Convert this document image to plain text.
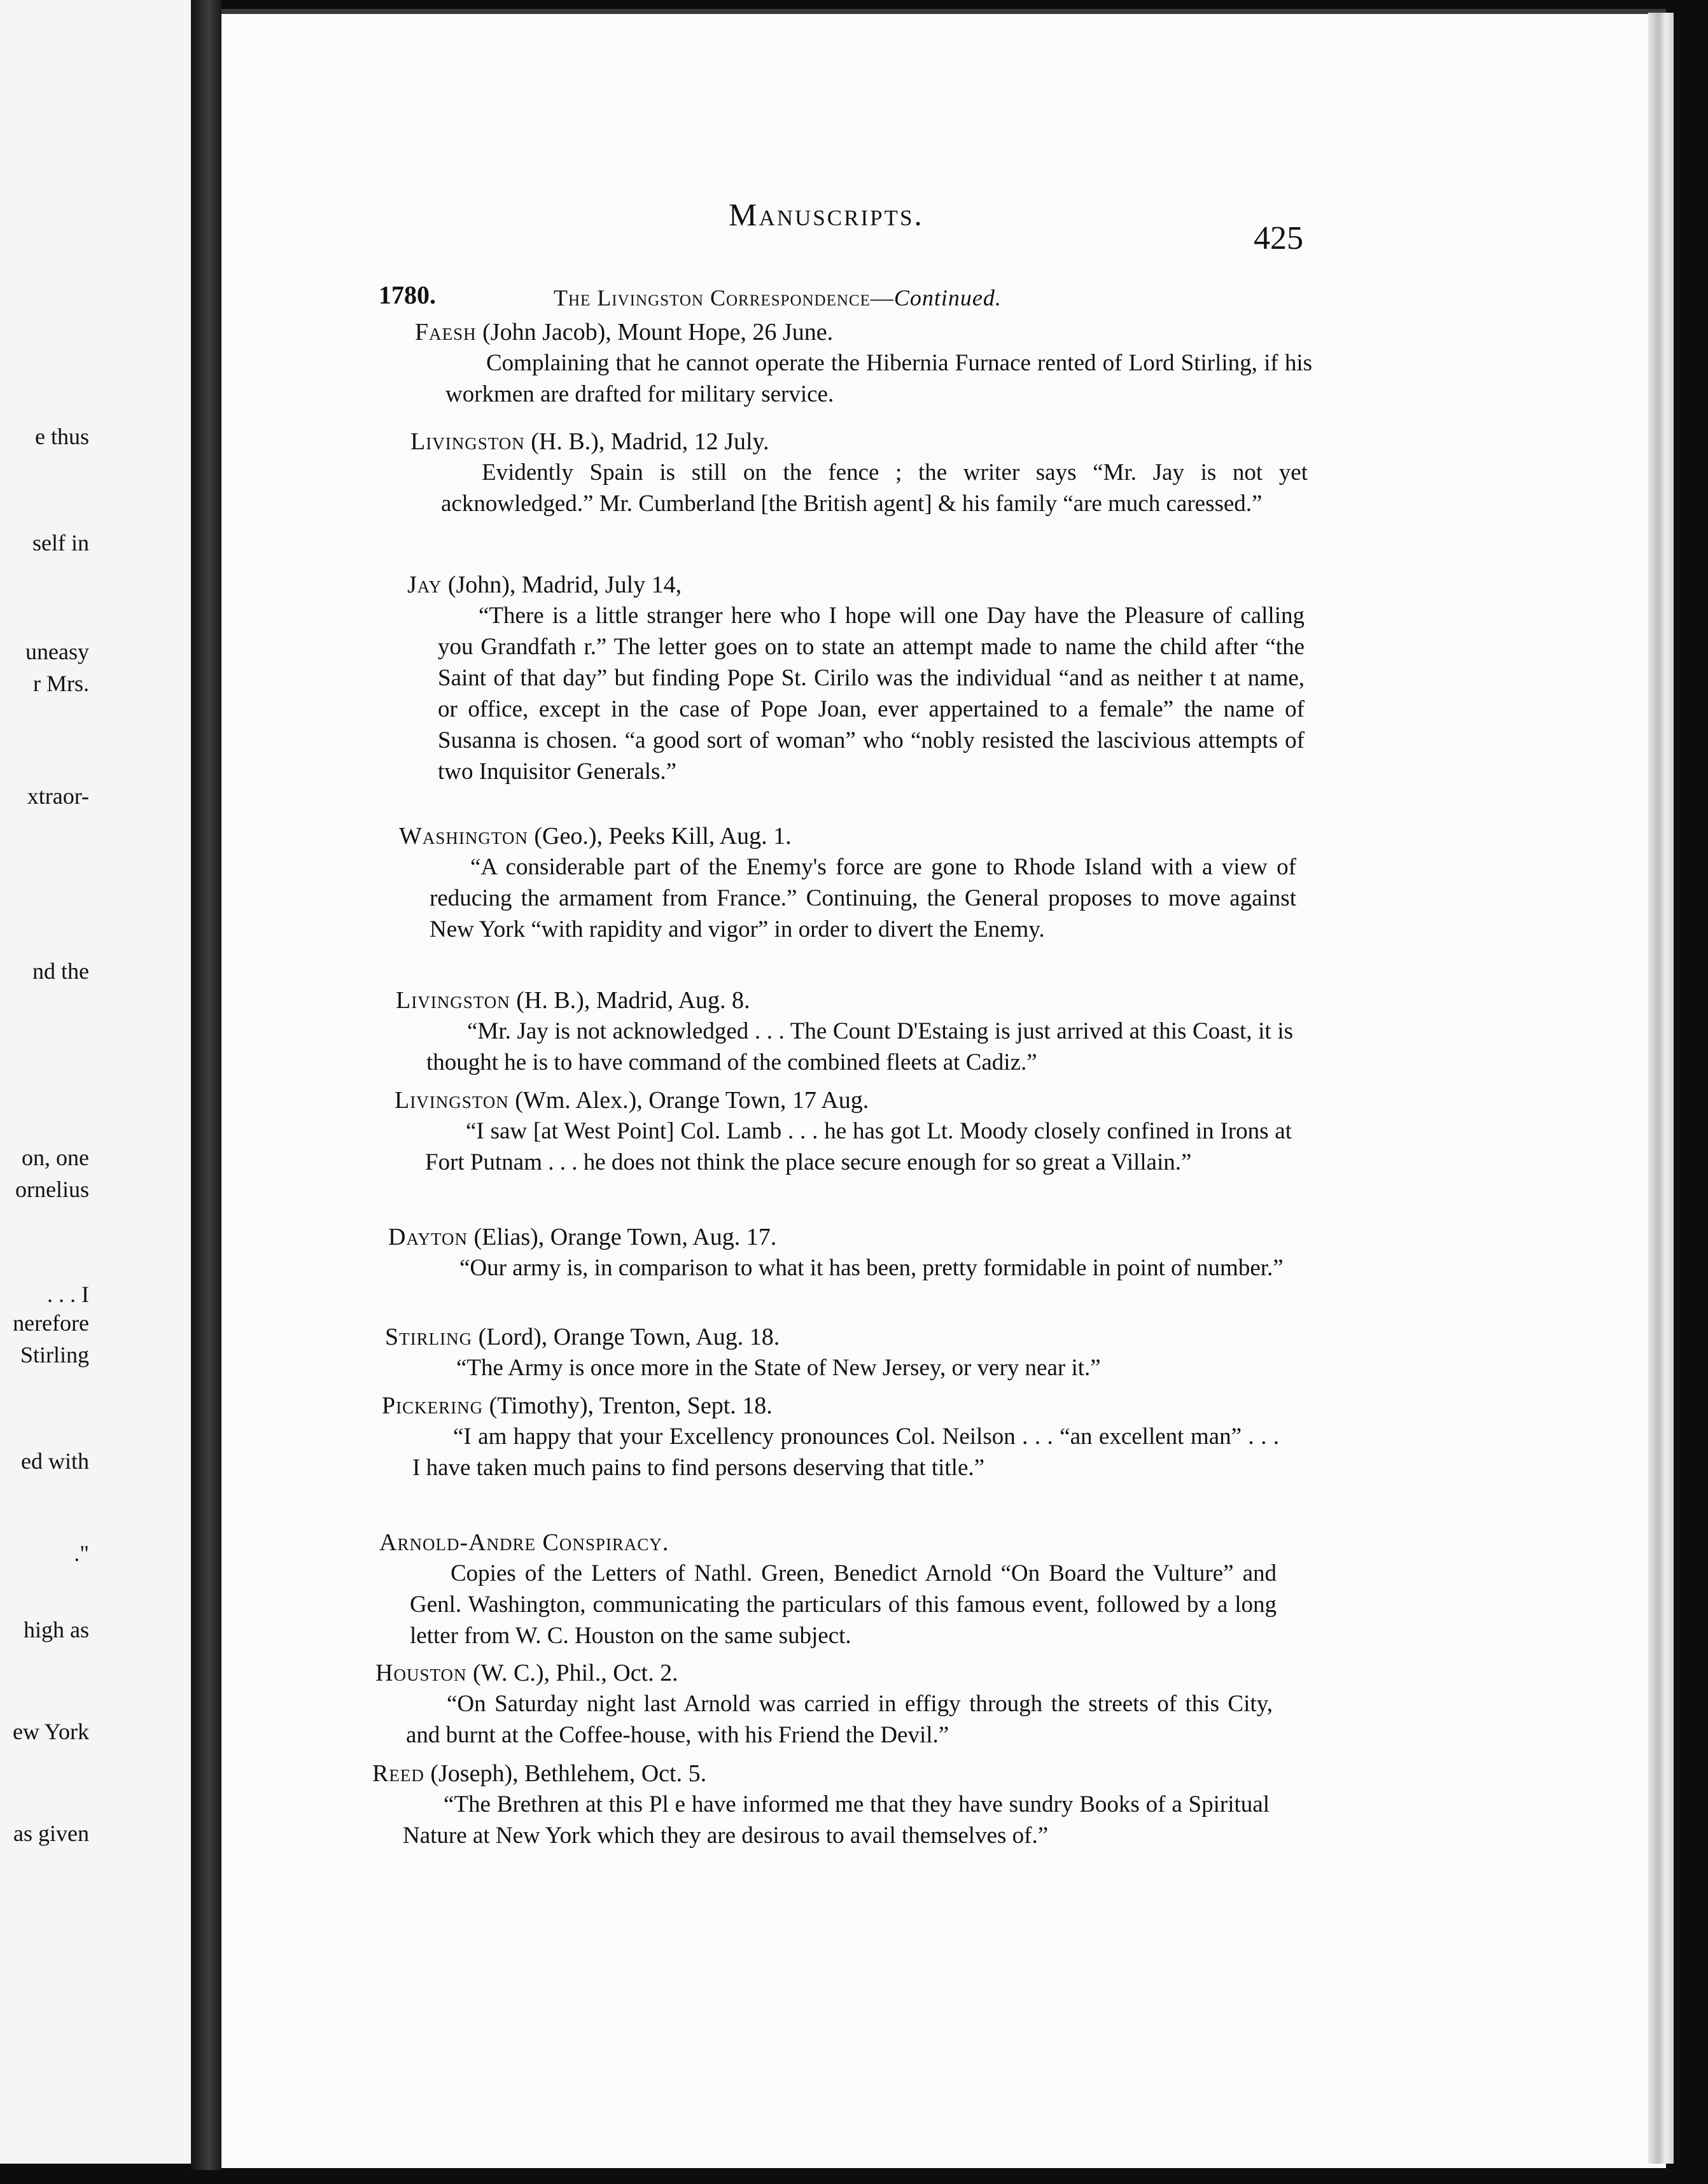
e thus
self in
uneasy
r Mrs.
xtraor-
nd the
on, one
ornelius
. . . I
nerefore
Stirling
ed with
."
high as
ew York
as given
Manuscripts.
425
1780.	The Livingston Correspondence—Continued.
Faesh (John Jacob), Mount Hope, 26 June.
Complaining that he cannot operate the Hibernia Furnace rented of Lord Stirling, if his workmen are drafted for military service.
Livingston (H. B.), Madrid, 12 July.
Evidently Spain is still on the fence ; the writer says “Mr. Jay is not yet acknowledged.” Mr. Cumberland [the British agent] & his family “are much caressed.”
Jay (John), Madrid, July 14,
“There is a little stranger here who I hope will one Day have the Pleasure of calling you Grandfath r.” The letter goes on to state an attempt made to name the child after “the Saint of that day” but finding Pope St. Cirilo was the individual “and as neither t at name, or office, except in the case of Pope Joan, ever appertained to a female” the name of Susanna is chosen. “a good sort of woman” who “nobly resisted the lascivious attempts of two Inquisitor Generals.”
Washington (Geo.), Peeks Kill, Aug. 1.
“A considerable part of the Enemy's force are gone to Rhode Island with a view of reducing the armament from France.” Continuing, the General proposes to move against New York “with rapidity and vigor” in order to divert the Enemy.
Livingston (H. B.), Madrid, Aug. 8.
“Mr. Jay is not acknowledged . . . The Count D'Estaing is just arrived at this Coast, it is thought he is to have command of the combined fleets at Cadiz.”
Livingston (Wm. Alex.), Orange Town, 17 Aug.
“I saw [at West Point] Col. Lamb . . . he has got Lt. Moody closely confined in Irons at Fort Putnam . . . he does not think the place secure enough for so great a Villain.”
Dayton (Elias), Orange Town, Aug. 17.
“Our army is, in comparison to what it has been, pretty formidable in point of number.”
Stirling (Lord), Orange Town, Aug. 18.
“The Army is once more in the State of New Jersey, or very near it.”
Pickering (Timothy), Trenton, Sept. 18.
“I am happy that your Excellency pronounces Col. Neilson . . . “an excellent man” . . . I have taken much pains to find persons deserving that title.”
Arnold-Andre Conspiracy.
Copies of the Letters of Nathl. Green, Benedict Arnold “On Board the Vulture” and Genl. Washington, communicating the particulars of this famous event, followed by a long letter from W. C. Houston on the same subject.
Houston (W. C.), Phil., Oct. 2.
“On Saturday night last Arnold was carried in effigy through the streets of this City, and burnt at the Coffee-house, with his Friend the Devil.”
Reed (Joseph), Bethlehem, Oct. 5.
“The Brethren at this Pl e have informed me that they have sundry Books of a Spiritual Nature at New York which they are desirous to avail themselves of.”
